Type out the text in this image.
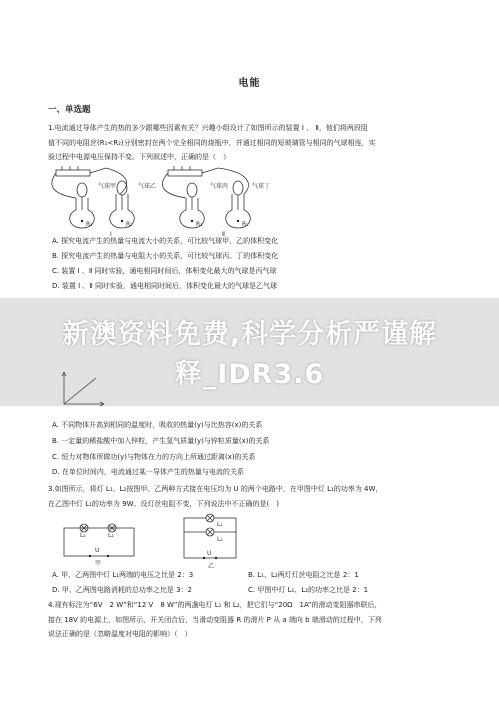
电能
一、单选题
1.电流通过导体产生的热的多少跟哪些因素有关？兴趣小组设计了如图所示的装置 Ⅰ 、 Ⅱ，他们将两段阻
值不同的电阻丝(R₁<R₂)分别密封在两个完全相同的烧瓶中，并通过相同的短玻璃管与相同的气球相连，实
验过程中电源电压保持不变。下列叙述中，正确的是（　）
气球甲	气球乙	气球丙	气球丁
R₁	R₂	R₁	R₂
Ⅰ	Ⅱ
A. 探究电流产生的热量与电流大小的关系，可比较气球甲、乙的体积变化
B. 探究电流产生的热量与电阻大小的关系，可比较气球丙、丁的体积变化
C. 装置 Ⅰ 、Ⅱ 同时实验，通电相同时间后，体积变化最大的气球是丙气球
D. 装置 Ⅰ 、Ⅱ 同时实验，通电相同时间后，体积变化最大的气球是乙气球
新澳资料免费,科学分析严谨解
释_IDR3.6
A. 不同物体升高到相同的温度时，吸收的热量(y)与比热容(x)的关系
B. 一定量的稀盐酸中加入锌粒，产生氢气质量(y)与锌粒质量(x)的关系
C. 恒力对物体所做功(y)与物体在力的方向上所通过距离(x)的关系
D. 在单位时间内，电流通过某一导体产生的热量与电流的关系
3.如图所示，将灯 L₁、L₂按图甲、乙两种方式接在电压均为 U 的两个电路中，在甲图中灯 L₁的功率为 4W，
在乙图中灯 L₁的功率为 9W。设灯丝电阻不变，下列说法中不正确的是(　)
L₁	L₂
U
甲
L₁
L₂
U
乙
A. 甲、乙两图中灯 L₁两端的电压之比是 2：3	B. L₁、L₂两灯灯丝电阻之比是 2：1
D. 甲、乙两图电路消耗的总功率之比是 3：2	C. 甲图中灯 L₁、L₂的功率之比是 2：1
4.现有标注为“6V　2 W”和“12 V　8 W”的两盏电灯 L₁ 和 L₂，把它们与“20Ω　1A”的滑动变阻器串联后，
接在 18V 的电源上，如图所示，开关闭合后，当滑动变阻器 R 的滑片 P 从 a 端向 b 端滑动的过程中，下列
说法正确的是（忽略温度对电阻的影响）（　）
